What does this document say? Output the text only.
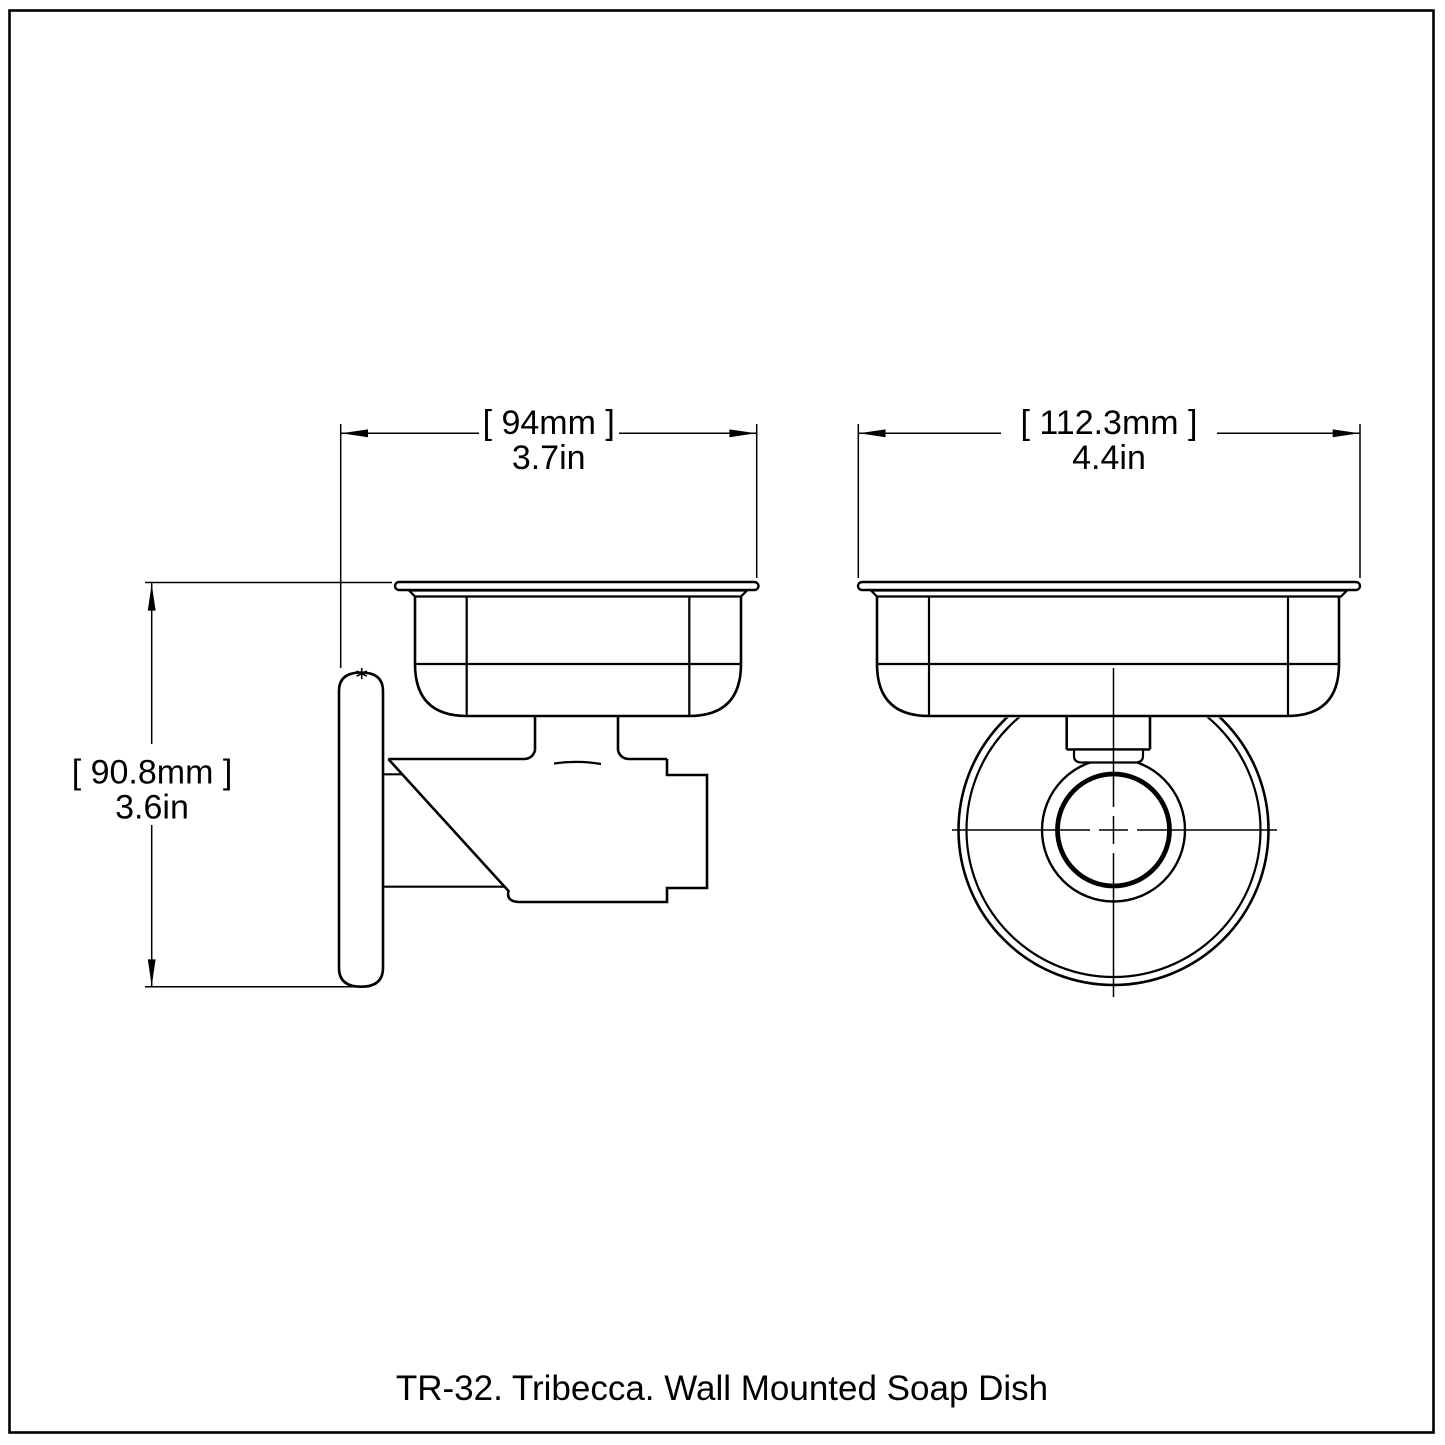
[ 94mm ]
3.7in
[ 112.3mm ]
4.4in
[ 90.8mm ]
3.6in
TR-32. Tribecca. Wall Mounted Soap Dish
